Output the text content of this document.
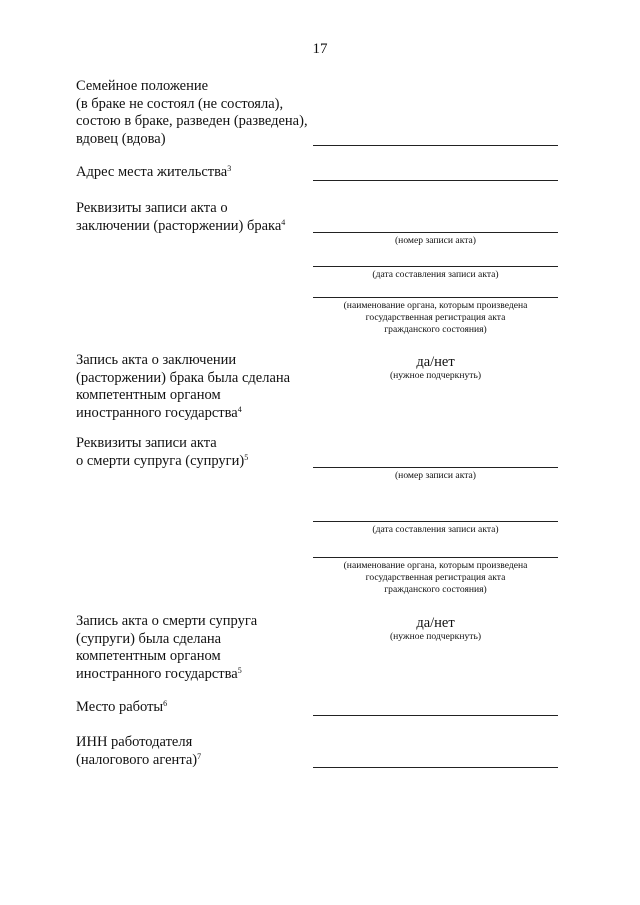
17
Семейное положение
(в браке не состоял (не состояла),
состою в браке, разведен (разведена),
вдовец (вдова)
Адрес места жительства$^3$
Реквизиты записи акта о
заключении (расторжении) брака$^4$
(номер записи акта)
(дата составления записи акта)
(наименование органа, которым произведена
государственная регистрация акта
гражданского состояния)
Запись акта о заключении
(расторжении) брака была сделана
компетентным органом
иностранного государства$^4$
да/нет
(нужное подчеркнуть)
Реквизиты записи акта
о смерти супруга (супруги)$^5$
(номер записи акта)
(дата составления записи акта)
(наименование органа, которым произведена
государственная регистрация акта
гражданского состояния)
Запись акта о смерти супруга
(супруги) была сделана
компетентным органом
иностранного государства$^5$
да/нет
(нужное подчеркнуть)
Место работы$^6$
ИНН работодателя
(налогового агента)$^7$
